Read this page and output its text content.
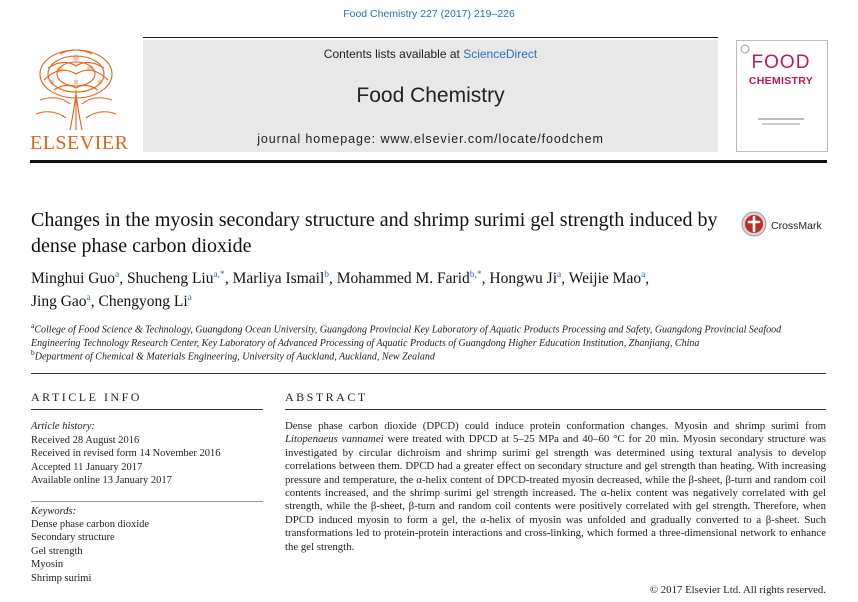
Food Chemistry 227 (2017) 219–226
ELSEVIER
Contents lists available at ScienceDirect
Food Chemistry
journal homepage: www.elsevier.com/locate/foodchem
FOOD
CHEMISTRY
Changes in the myosin secondary structure and shrimp surimi gel strength induced by dense phase carbon dioxide
CrossMark
Minghui Guo$^a$, Shucheng Liu$^{a,*}$, Marliya Ismail$^b$, Mohammed M. Farid$^{b,*}$, Hongwu Ji$^a$, Weijie Mao$^a$,
Jing Gao$^a$, Chengyong Li$^a$
$^a$College of Food Science & Technology, Guangdong Ocean University, Guangdong Provincial Key Laboratory of Aquatic Products Processing and Safety, Guangdong Provincial Seafood Engineering Technology Research Center, Key Laboratory of Advanced Processing of Aquatic Products of Guangdong Higher Education Institution, Zhanjiang, China
$^b$Department of Chemical & Materials Engineering, University of Auckland, Auckland, New Zealand
ARTICLE INFO	ABSTRACT
Article history:
Received 28 August 2016
Received in revised form 14 November 2016
Accepted 11 January 2017
Available online 13 January 2017
Keywords:
Dense phase carbon dioxide
Secondary structure
Gel strength
Myosin
Shrimp surimi

Dense phase carbon dioxide (DPCD) could induce protein conformation changes. Myosin and shrimp surimi from Litopenaeus vannamei were treated with DPCD at 5–25 MPa and 40–60 °C for 20 min. Myosin secondary structure was investigated by circular dichroism and shrimp surimi gel strength was determined using textural analysis to develop correlations between them. DPCD had a greater effect on secondary structure and gel strength than heating. With increasing pressure and temperature, the α-helix content of DPCD-treated myosin decreased, while the β-sheet, β-turn and random coil contents increased, and the shrimp surimi gel strength increased. The α-helix content was negatively correlated with gel strength, while the β-sheet, β-turn and random coil contents were positively correlated with gel strength. Therefore, when DPCD induced myosin to form a gel, the α-helix of myosin was unfolded and gradually converted to a β-sheet. Such transformations led to protein-protein interactions and cross-linking, which formed a three-dimensional network to enhance the gel strength.

© 2017 Elsevier Ltd. All rights reserved.
